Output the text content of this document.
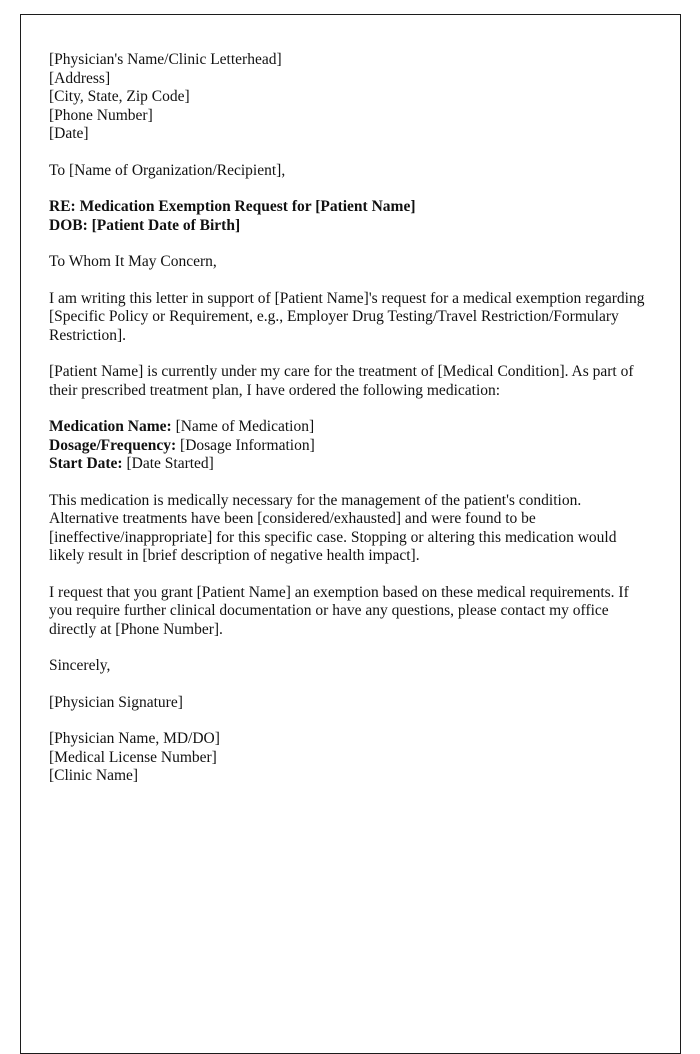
[Physician's Name/Clinic Letterhead]
[Address]
[City, State, Zip Code]
[Phone Number]
[Date]

To [Name of Organization/Recipient],

RE: Medication Exemption Request for [Patient Name]
DOB: [Patient Date of Birth]

To Whom It May Concern,

I am writing this letter in support of [Patient Name]'s request for a medical exemption regarding [Specific Policy or Requirement, e.g., Employer Drug Testing/Travel Restriction/Formulary Restriction].

[Patient Name] is currently under my care for the treatment of [Medical Condition]. As part of their prescribed treatment plan, I have ordered the following medication:

Medication Name: [Name of Medication]
Dosage/Frequency: [Dosage Information]
Start Date: [Date Started]

This medication is medically necessary for the management of the patient's condition. Alternative treatments have been [considered/exhausted] and were found to be [ineffective/inappropriate] for this specific case. Stopping or altering this medication would likely result in [brief description of negative health impact].

I request that you grant [Patient Name] an exemption based on these medical requirements. If you require further clinical documentation or have any questions, please contact my office directly at [Phone Number].

Sincerely,

[Physician Signature]

[Physician Name, MD/DO]
[Medical License Number]
[Clinic Name]
